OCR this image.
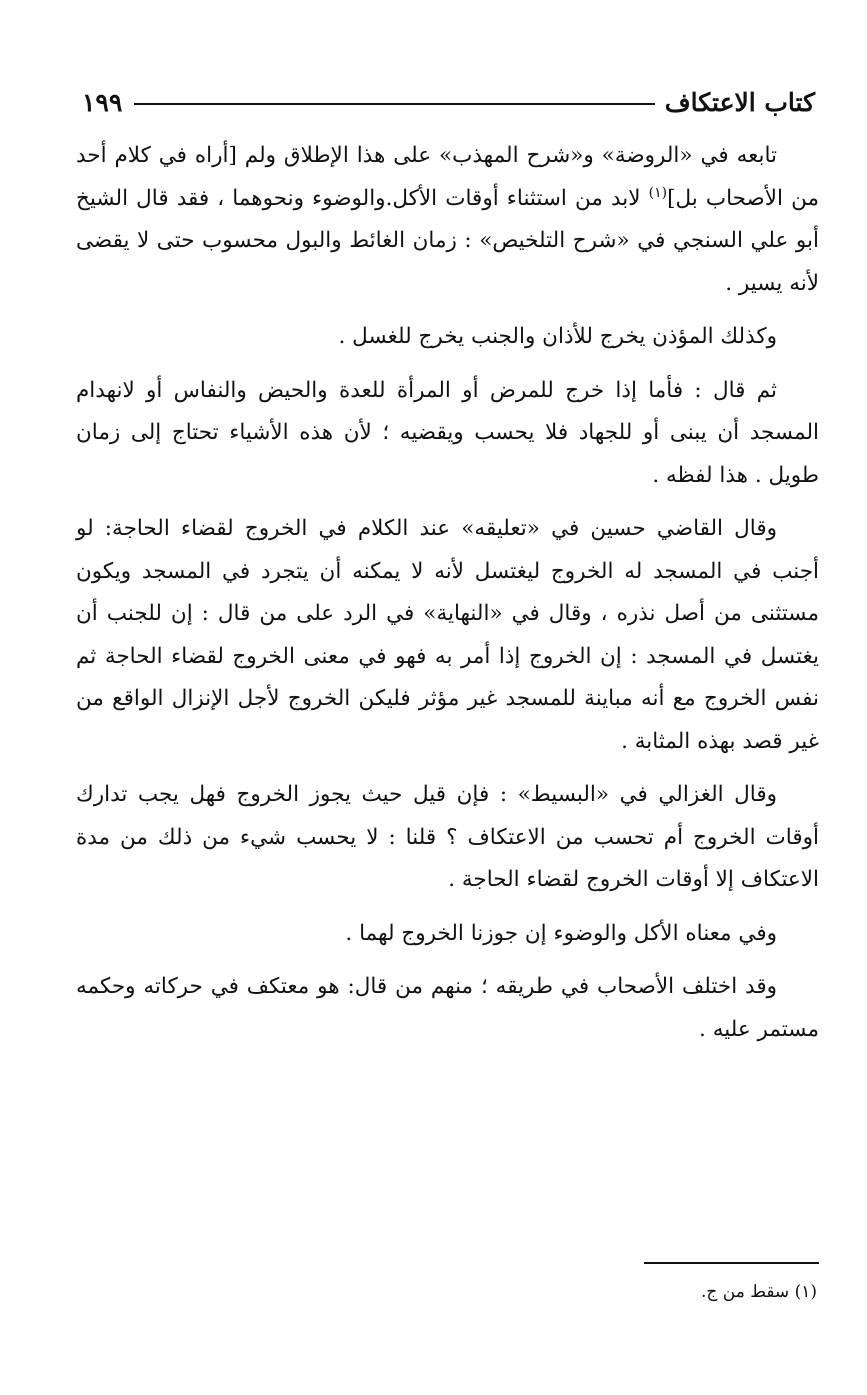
كتاب الاعتكاف
١٩٩

تابعه في «الروضة» و«شرح المهذب» على هذا الإطلاق ولم [أراه في كلام أحد من الأصحاب بل]$^{(١)}$ لابد من استثناء أوقات الأكل.والوضوء ونحوهما ، فقد قال الشيخ أبو علي السنجي في «شرح التلخيص» : زمان الغائط والبول محسوب حتى لا يقضى لأنه يسير .

وكذلك المؤذن يخرج للأذان والجنب يخرج للغسل .

ثم قال : فأما إذا خرج للمرض أو المرأة للعدة والحيض والنفاس أو لانهدام المسجد أن يبنى أو للجهاد فلا يحسب ويقضيه ؛ لأن هذه الأشياء تحتاج إلى زمان طويل . هذا لفظه .

وقال القاضي حسين في «تعليقه» عند الكلام في الخروج لقضاء الحاجة: لو أجنب في المسجد له الخروج ليغتسل لأنه لا يمكنه أن يتجرد في المسجد ويكون مستثنى من أصل نذره ، وقال في «النهاية» في الرد على من قال : إن للجنب أن يغتسل في المسجد : إن الخروج إذا أمر به فهو في معنى الخروج لقضاء الحاجة ثم نفس الخروج مع أنه مباينة للمسجد غير مؤثر فليكن الخروج لأجل الإنزال الواقع من غير قصد بهذه المثابة .

وقال الغزالي في «البسيط» : فإن قيل حيث يجوز الخروج فهل يجب تدارك أوقات الخروج أم تحسب من الاعتكاف ؟ قلنا : لا يحسب شيء من ذلك من مدة الاعتكاف إلا أوقات الخروج لقضاء الحاجة .

وفي معناه الأكل والوضوء إن جوزنا الخروج لهما .

وقد اختلف الأصحاب في طريقه ؛ منهم من قال: هو معتكف في حركاته وحكمه مستمر عليه .

(١) سقط من ج.
